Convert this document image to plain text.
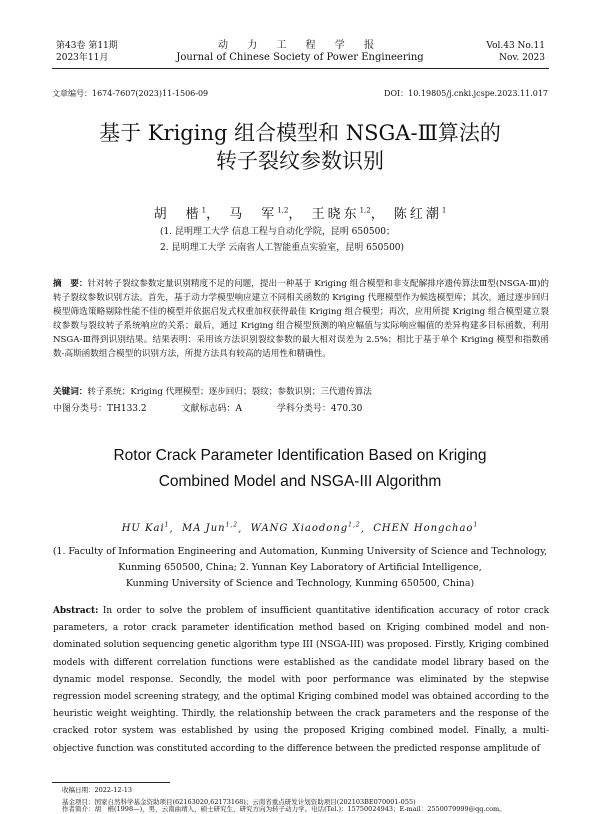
第43卷 第11期
2023年11月
动 力 工 程 学 报
Journal of Chinese Society of Power Engineering
Vol.43 No.11
Nov. 2023
文章编号：1674-7607(2023)11-1506-09	DOI：10.19805/j.cnki.jcspe.2023.11.017
基于 Kriging 组合模型和 NSGA-Ⅲ算法的
转子裂纹参数识别
胡　楷$^1$， 马　军$^{1,2}$， 王晓东$^{1,2}$， 陈红潮$^1$
(1. 昆明理工大学 信息工程与自动化学院，昆明 650500；
2. 昆明理工大学 云南省人工智能重点实验室，昆明 650500)
摘　要：针对转子裂纹参数定量识别精度不足的问题，提出一种基于 Kriging 组合模型和非支配解排序遗传算法Ⅲ型(NSGA-Ⅲ)的转子裂纹参数识别方法。首先，基于动力学模型响应建立不同相关函数的 Kriging 代理模型作为候选模型库；其次，通过逐步回归模型筛选策略剔除性能不佳的模型并依据启发式权重加权获得最佳 Kriging 组合模型；再次，应用所提 Kriging 组合模型建立裂纹参数与裂纹转子系统响应的关系；最后，通过 Kriging 组合模型预测的响应幅值与实际响应幅值的差异构建多目标函数，利用 NSGA-Ⅲ得到识别结果。结果表明：采用该方法识别裂纹参数的最大相对误差为 2.5%；相比于基于单个 Kriging 模型和指数函数-高斯函数组合模型的识别方法，所提方法具有较高的适用性和精确性。
关键词：转子系统；Kriging 代理模型；逐步回归；裂纹；参数识别；三代遗传算法
中图分类号：TH133.2	文献标志码：A	学科分类号：470.30
Rotor Crack Parameter Identification Based on Kriging
Combined Model and NSGA-III Algorithm
HU Kai$^1$,  MA Jun$^{1,2}$,  WANG Xiaodong$^{1,2}$,  CHEN Hongchao$^1$
(1. Faculty of Information Engineering and Automation, Kunming University of Science and Technology,
Kunming 650500, China; 2. Yunnan Key Laboratory of Artificial Intelligence,
Kunming University of Science and Technology, Kunming 650500, China)
Abstract: In order to solve the problem of insufficient quantitative identification accuracy of rotor crack parameters, a rotor crack parameter identification method based on Kriging combined model and non-dominated solution sequencing genetic algorithm type III (NSGA-III) was proposed. Firstly, Kriging combined models with different correlation functions were established as the candidate model library based on the dynamic model response. Secondly, the model with poor performance was eliminated by the stepwise regression model screening strategy, and the optimal Kriging combined model was obtained according to the heuristic weight weighting. Thirdly, the relationship between the crack parameters and the response of the cracked rotor system was established by using the proposed Kriging combined model. Finally, a multi-objective function was constituted according to the difference between the predicted response amplitude of
收稿日期：2022-12-13
基金项目：国家自然科学基金资助项目(62163020,62173168)；云南省重点研发计划资助项目(202103BE070001-055)
作者简介：胡　楷(1998—)，男，云南曲靖人，硕士研究生，研究方向为转子动力学。电话(Tel.)：15750024943；E-mail：2550079999@qq.com。
